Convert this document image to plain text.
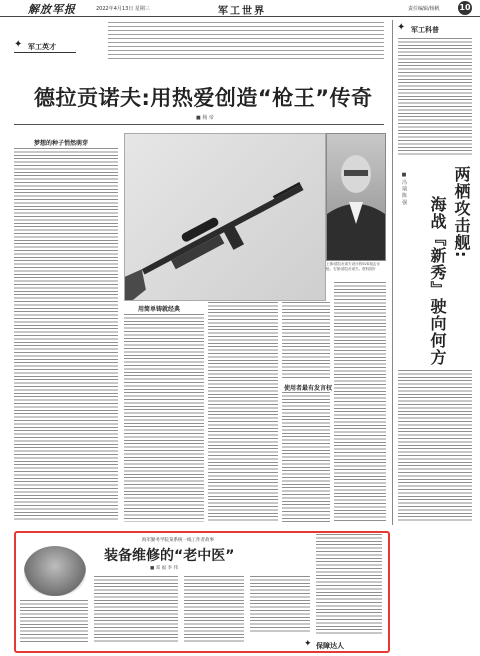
解放军报	2022年4月13日 星期三	军工世界	责任编辑/杨帆 10
✦ 军工英才
德拉贡诺夫:用热爱创造“枪王”传奇
■ 杨 帝
梦想的种子悄然萌芽
上图:德拉贡诺夫设计的SVD狙击步枪。右图:德拉贡诺夫。资料图片
用简单铸就经典
使用者最有发言权
✦ 军工科普
两栖攻击舰:
海战『新秀』驶向何方
■ 冯 瑞 陈 强
海军勤务学院某系统一线工作者故事
装备维修的“老中医”
■ 邓 福 李 伟
✦ 保障达人
